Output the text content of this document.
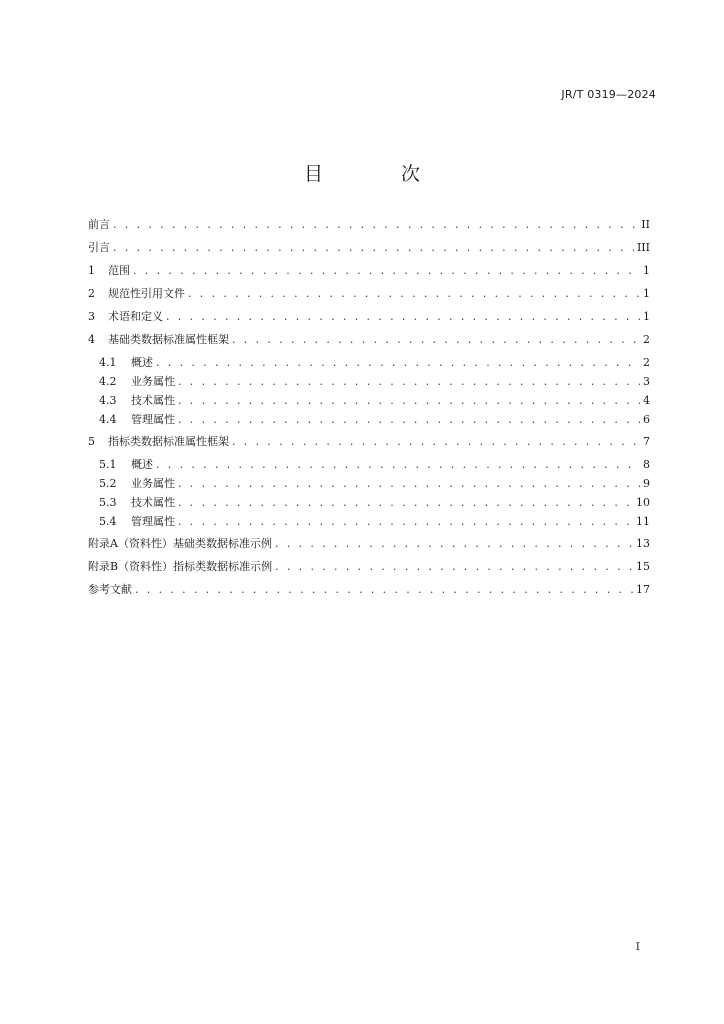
JR/T 0319—2024
目 次
前言 . . .	II
引言 . . .	III
1 范围 . . .	1
2 规范性引用文件 . . .	1
3 术语和定义 . . .	1
4 基础类数据标准属性框架 . . .	2
4.1 概述 . . .	2
4.2 业务属性 . . .	3
4.3 技术属性 . . .	4
4.4 管理属性 . . .	6
5 指标类数据标准属性框架 . . .	7
5.1 概述 . . .	8
5.2 业务属性 . . .	9
5.3 技术属性 . . .	10
5.4 管理属性 . . .	11
附录A（资料性）基础类数据标准示例 . . .	13
附录B（资料性）指标类数据标准示例 . . .	15
参考文献 . . .	17
I
